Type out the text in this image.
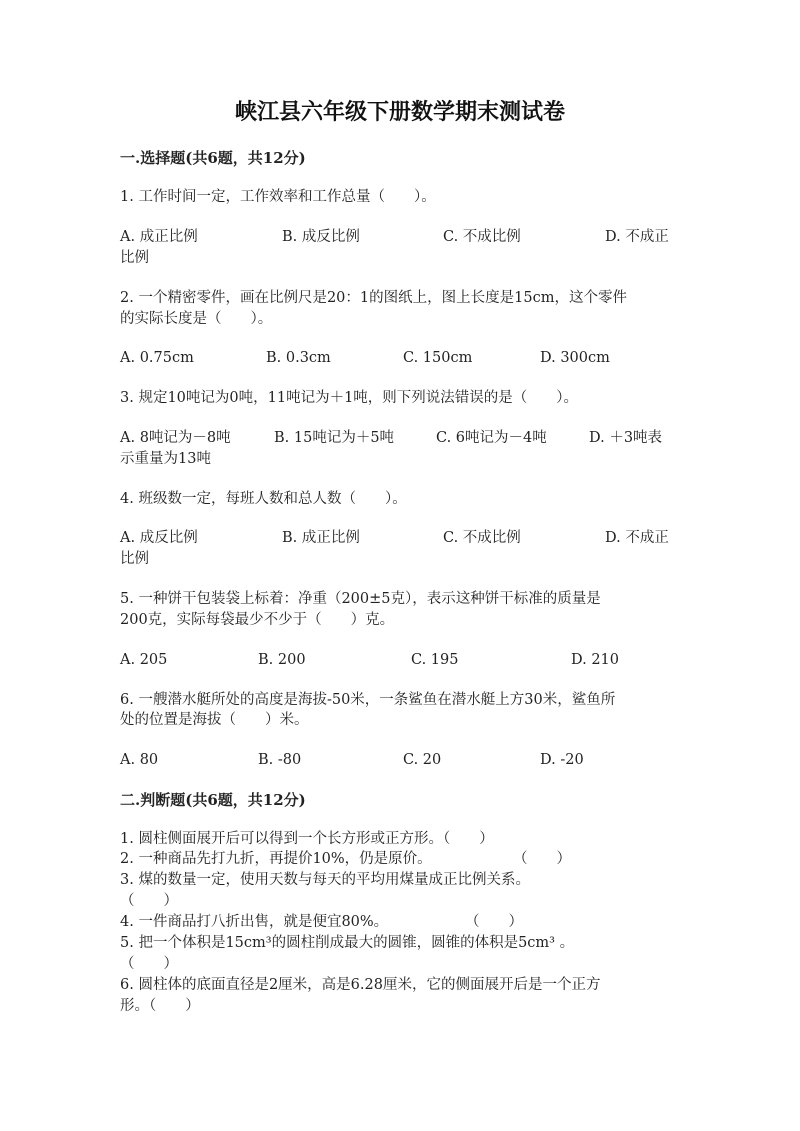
峡江县六年级下册数学期末测试卷
一.选择题(共6题，共12分)
1. 工作时间一定，工作效率和工作总量（　　）。
A. 成正比例	B. 成反比例	C. 不成比例	D. 不成正
比例
2. 一个精密零件，画在比例尺是20：1的图纸上，图上长度是15cm，这个零件
的实际长度是（　　）。
A. 0.75cm	B. 0.3cm	C. 150cm	D. 300cm
3. 规定10吨记为0吨，11吨记为＋1吨，则下列说法错误的是（　　）。
A. 8吨记为－8吨	B. 15吨记为＋5吨	C. 6吨记为－4吨	D. ＋3吨表
示重量为13吨
4. 班级数一定，每班人数和总人数（　　）。
A. 成反比例	B. 成正比例	C. 不成比例	D. 不成正
比例
5. 一种饼干包装袋上标着：净重（200±5克），表示这种饼干标准的质量是
200克，实际每袋最少不少于（　　）克。
A. 205	B. 200	C. 195	D. 210
6. 一艘潜水艇所处的高度是海拔-50米，一条鲨鱼在潜水艇上方30米，鲨鱼所
处的位置是海拔（　　）米。
A. 80	B. -80	C. 20	D. -20
二.判断题(共6题，共12分)
1. 圆柱侧面展开后可以得到一个长方形或正方形。（　　）
2. 一种商品先打九折，再提价10%，仍是原价。	（　　）
3. 煤的数量一定，使用天数与每天的平均用煤量成正比例关系。
（　　）
4. 一件商品打八折出售，就是便宜80%。	（　　）
5. 把一个体积是15cm³的圆柱削成最大的圆锥，圆锥的体积是5cm³ 。
（　　）
6. 圆柱体的底面直径是2厘米，高是6.28厘米，它的侧面展开后是一个正方
形。（　　）
